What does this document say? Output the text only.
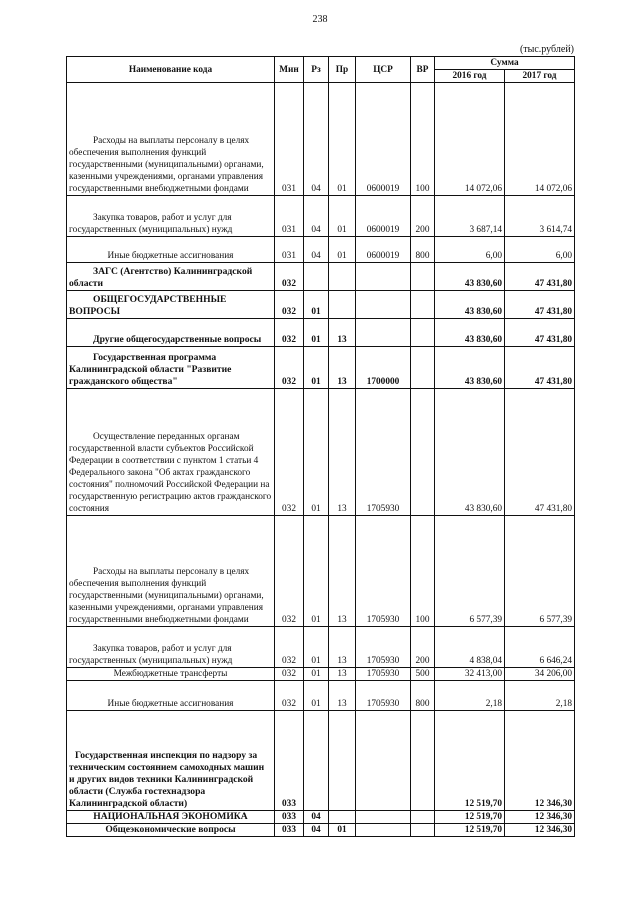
238
(тыс.рублей)
Наименование кода	Мин	Рз	Пр	ЦСР	ВР	Сумма	
						2016 год	2017 год

Расходы на выплаты персоналу в целях обеспечения выполнения функций государственными (муниципальными) органами, казенными учреждениями, органами управления государственными внебюджетными фондами	031	04	01	0600019	100	14 072,06	14 072,06

Закупка товаров, работ и услуг для государственных (муниципальных) нужд	031	04	01	0600019	200	3 687,14	3 614,74
Иные бюджетные ассигнования	031	04	01	0600019	800	6,00	6,00

ЗАГС (Агентство) Калининградской области	032					43 830,60	47 431,80

ОБЩЕГОСУДАРСТВЕННЫЕ ВОПРОСЫ	032	01				43 830,60	47 431,80

Другие общегосударственные вопросы	032	01	13			43 830,60	47 431,80

Государственная программа Калининградской области "Развитие гражданского общества"	032	01	13	1700000		43 830,60	47 431,80

Осуществление переданных органам государственной власти субъектов Российской Федерации в соответствии с пунктом 1 статьи 4 Федерального закона "Об актах гражданского состояния" полномочий Российской Федерации на государственную регистрацию актов гражданского состояния	032	01	13	1705930		43 830,60	47 431,80

Расходы на выплаты персоналу в целях обеспечения выполнения функций государственными (муниципальными) органами, казенными учреждениями, органами управления государственными внебюджетными фондами	032	01	13	1705930	100	6 577,39	6 577,39

Закупка товаров, работ и услуг для государственных (муниципальных) нужд	032	01	13	1705930	200	4 838,04	6 646,24
Межбюджетные трансферты	032	01	13	1705930	500	32 413,00	34 206,00
Иные бюджетные ассигнования	032	01	13	1705930	800	2,18	2,18

Государственная инспекция по надзору за техническим состоянием самоходных машин и других видов техники Калининградской области (Служба гостехнадзора Калининградской области)	033					12 519,70	12 346,30
НАЦИОНАЛЬНАЯ ЭКОНОМИКА	033	04				12 519,70	12 346,30
Общеэкономические вопросы	033	04	01			12 519,70	12 346,30
